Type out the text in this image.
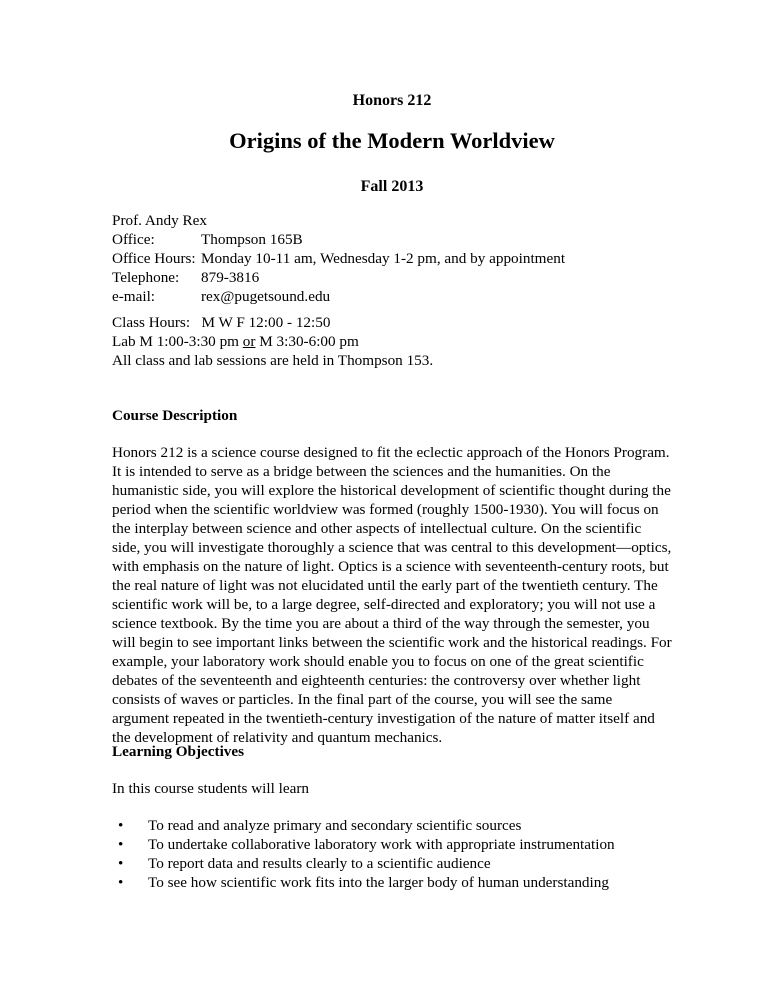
Honors 212
Origins of the Modern Worldview
Fall 2013
Prof. Andy Rex
Office:	Thompson 165B
Office Hours: Monday 10-11 am, Wednesday 1-2 pm, and by appointment
Telephone:	879-3816
e-mail:	rex@pugetsound.edu
Class Hours:   M W F 12:00 - 12:50
Lab M 1:00-3:30 pm or M 3:30-6:00 pm
All class and lab sessions are held in Thompson 153.
Course Description
Honors 212 is a science course designed to fit the eclectic approach of the Honors Program. It is intended to serve as a bridge between the sciences and the humanities. On the humanistic side, you will explore the historical development of scientific thought during the period when the scientific worldview was formed (roughly 1500-1930). You will focus on the interplay between science and other aspects of intellectual culture. On the scientific side, you will investigate thoroughly a science that was central to this development—optics, with emphasis on the nature of light. Optics is a science with seventeenth-century roots, but the real nature of light was not elucidated until the early part of the twentieth century. The scientific work will be, to a large degree, self-directed and exploratory; you will not use a science textbook. By the time you are about a third of the way through the semester, you will begin to see important links between the scientific work and the historical readings. For example, your laboratory work should enable you to focus on one of the great scientific debates of the seventeenth and eighteenth centuries: the controversy over whether light consists of waves or particles. In the final part of the course, you will see the same argument repeated in the twentieth-century investigation of the nature of matter itself and the development of relativity and quantum mechanics.
Learning Objectives
In this course students will learn
• To read and analyze primary and secondary scientific sources
• To undertake collaborative laboratory work with appropriate instrumentation
• To report data and results clearly to a scientific audience
• To see how scientific work fits into the larger body of human understanding
